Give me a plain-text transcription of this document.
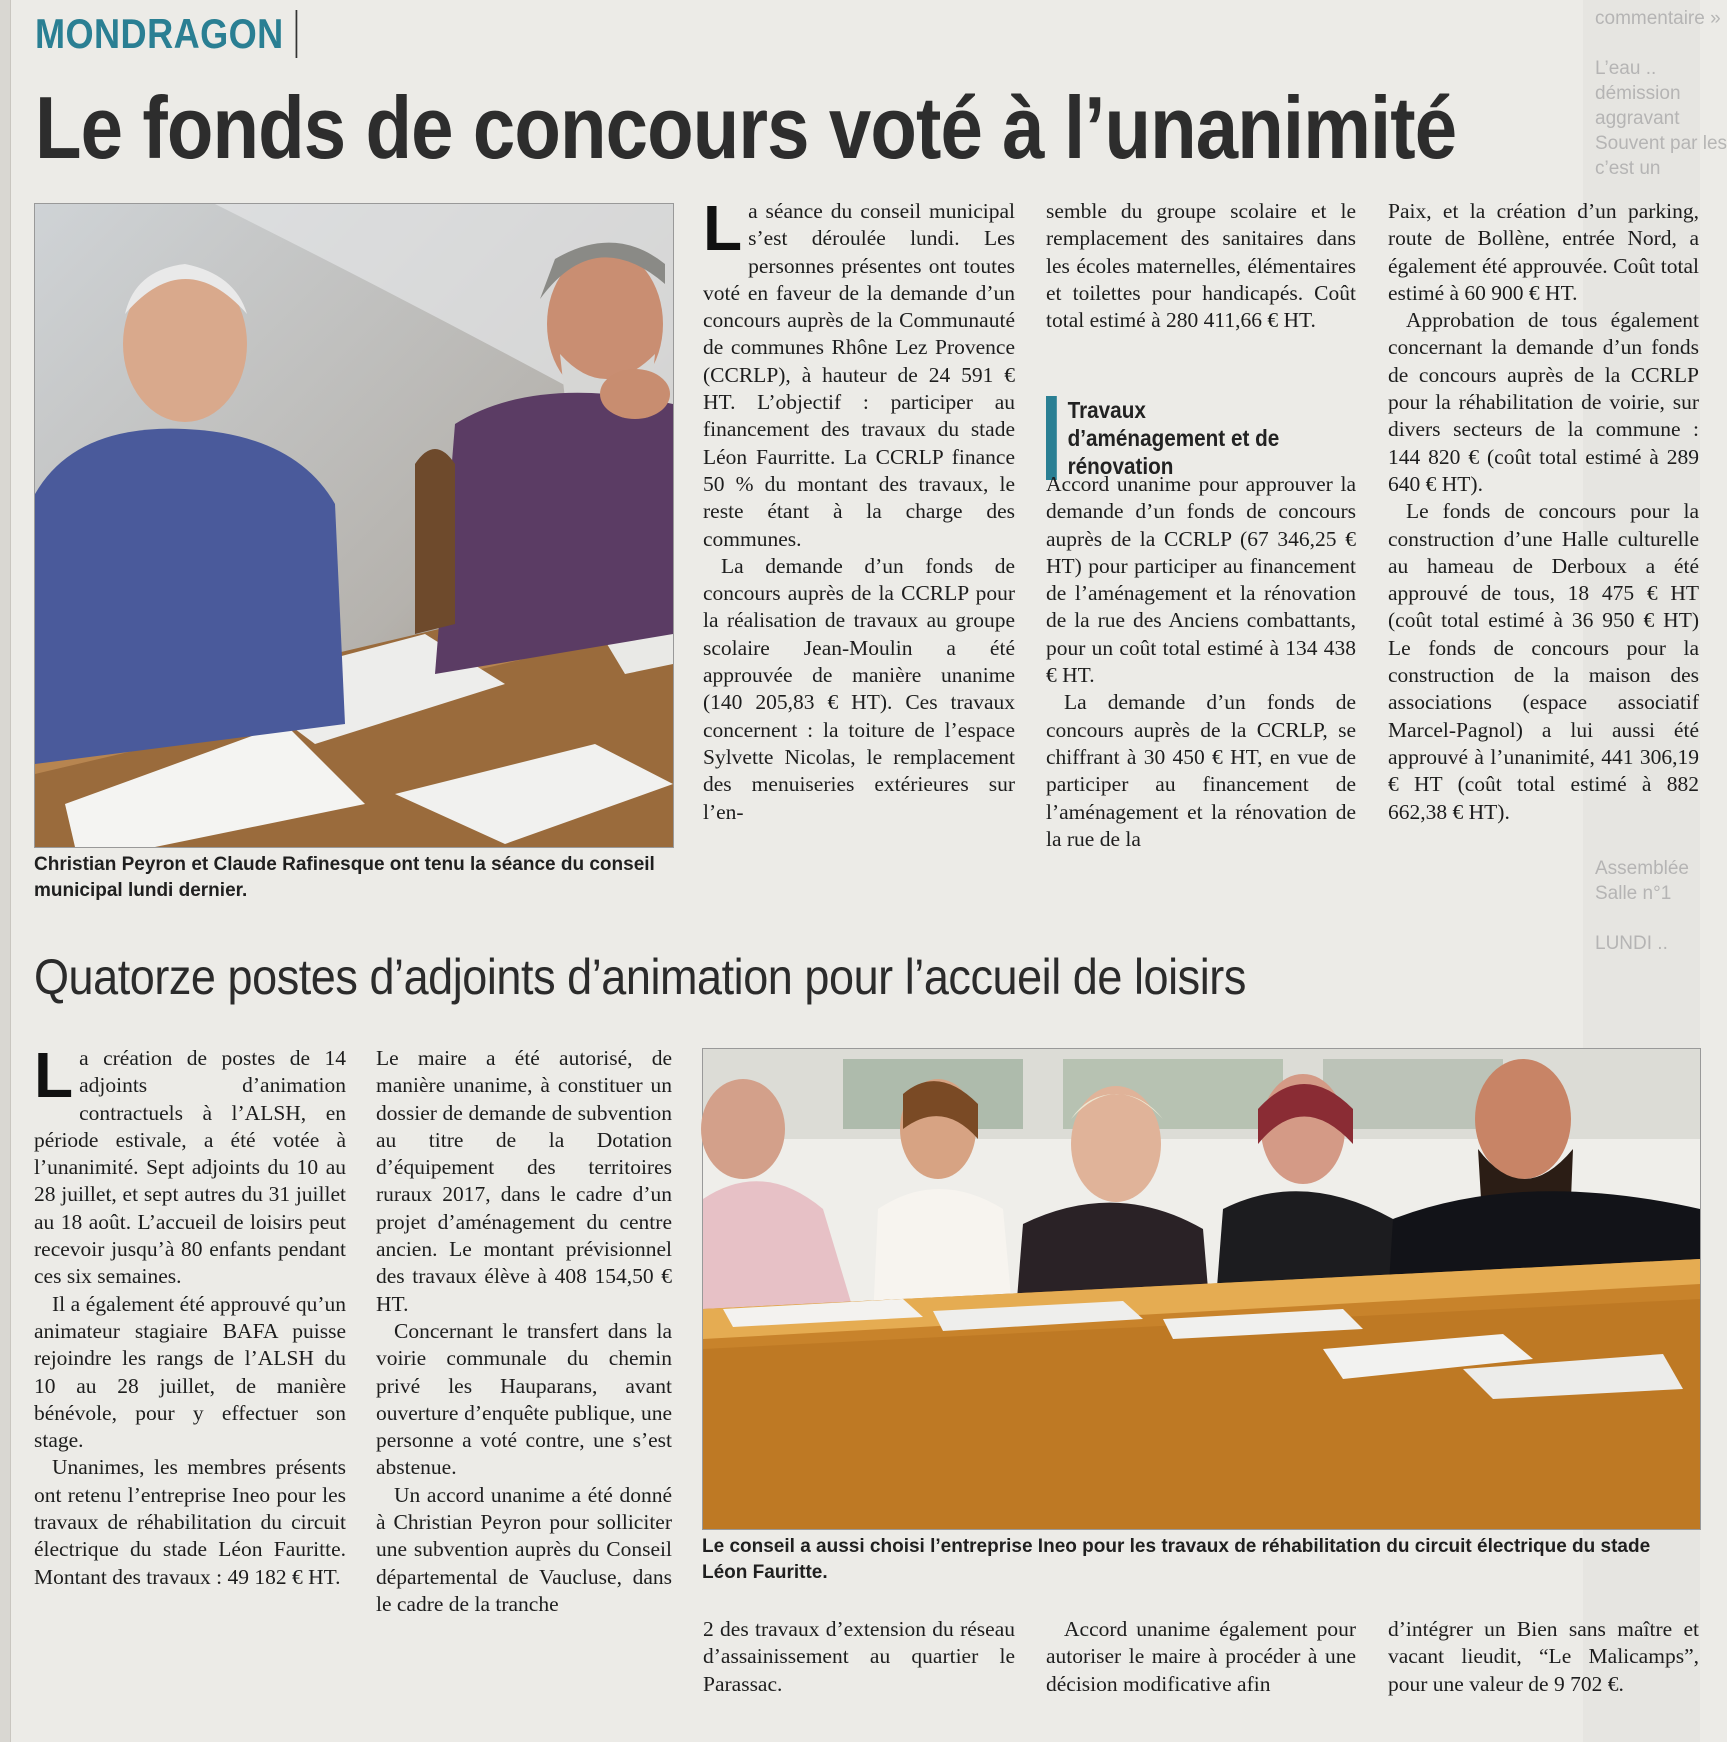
commentaire »

L’eau ..
démission
aggravant
Souvent par les
c’est un

Assemblée
Salle n°1

LUNDI ..

MONDRAGON
Le fonds de concours voté à l’unanimité
Christian Peyron et Claude Rafinesque ont tenu la séance du conseil municipal lundi dernier.

La séance du conseil municipal s’est déroulée lundi. Les personnes présentes ont toutes voté en faveur de la demande d’un concours auprès de la Communauté de communes Rhône Lez Provence (CCRLP), à hauteur de 24 591 € HT. L’objectif : participer au financement des travaux du stade Léon Faurritte. La CCRLP finance 50 % du montant des travaux, le reste étant à la charge des communes.

La demande d’un fonds de concours auprès de la CCRLP pour la réalisation de travaux au groupe scolaire Jean-Moulin a été approuvée de manière unanime (140 205,83 € HT). Ces travaux concernent : la toiture de l’espace Sylvette Nicolas, le remplacement des menuiseries extérieures sur l’en-

semble du groupe scolaire et le remplacement des sanitaires dans les écoles maternelles, élémentaires et toilettes pour handicapés. Coût total estimé à 280 411,66 € HT.

Travaux d’aménagement et de rénovation

Accord unanime pour approuver la demande d’un fonds de concours auprès de la CCRLP (67 346,25 € HT) pour participer au financement de l’aménagement et la rénovation de la rue des Anciens combattants, pour un coût total estimé à 134 438 € HT.

La demande d’un fonds de concours auprès de la CCRLP, se chiffrant à 30 450 € HT, en vue de participer au financement de l’aménagement et la rénovation de la rue de la

Paix, et la création d’un parking, route de Bollène, entrée Nord, a également été approuvée. Coût total estimé à 60 900 € HT.

Approbation de tous également concernant la demande d’un fonds de concours auprès de la CCRLP pour la réhabilitation de voirie, sur divers secteurs de la commune : 144 820 € (coût total estimé à 289 640 € HT).

Le fonds de concours pour la construction d’une Halle culturelle au hameau de Derboux a été approuvé de tous, 18 475 € HT (coût total estimé à 36 950 € HT) Le fonds de concours pour la construction de la maison des associations (espace associatif Marcel-Pagnol) a lui aussi été approuvé à l’unanimité, 441 306,19 € HT (coût total estimé à 882 662,38 € HT).

Quatorze postes d’adjoints d’animation pour l’accueil de loisirs

La création de postes de 14 adjoints d’animation contractuels à l’ALSH, en période estivale, a été votée à l’unanimité. Sept adjoints du 10 au 28 juillet, et sept autres du 31 juillet au 18 août. L’accueil de loisirs peut recevoir jusqu’à 80 enfants pendant ces six semaines.

Il a également été approuvé qu’un animateur stagiaire BAFA puisse rejoindre les rangs de l’ALSH du 10 au 28 juillet, de manière bénévole, pour y effectuer son stage.

Unanimes, les membres présents ont retenu l’entreprise Ineo pour les travaux de réhabilitation du circuit électrique du stade Léon Faurittе. Montant des travaux : 49 182 € HT.

Le maire a été autorisé, de manière unanime, à constituer un dossier de demande de subvention au titre de la Dotation d’équipement des territoires ruraux 2017, dans le cadre d’un projet d’aménagement du centre ancien. Le montant prévisionnel des travaux élève à 408 154,50 € HT.

Concernant le transfert dans la voirie communale du chemin privé les Hauparans, avant ouverture d’enquête publique, une personne a voté contre, une s’est abstenue.

Un accord unanime a été donné à Christian Peyron pour solliciter une subvention auprès du Conseil départemental de Vaucluse, dans le cadre de la tranche

Le conseil a aussi choisi l’entreprise Ineo pour les travaux de réhabilitation du circuit électrique du stade Léon Faurittе.

2 des travaux d’extension du réseau d’assainissement au quartier le Parassac.

Accord unanime également pour autoriser le maire à procéder à une décision modificative afin

d’intégrer un Bien sans maître et vacant lieudit, “Le Malicamps”, pour une valeur de 9 702 €.
